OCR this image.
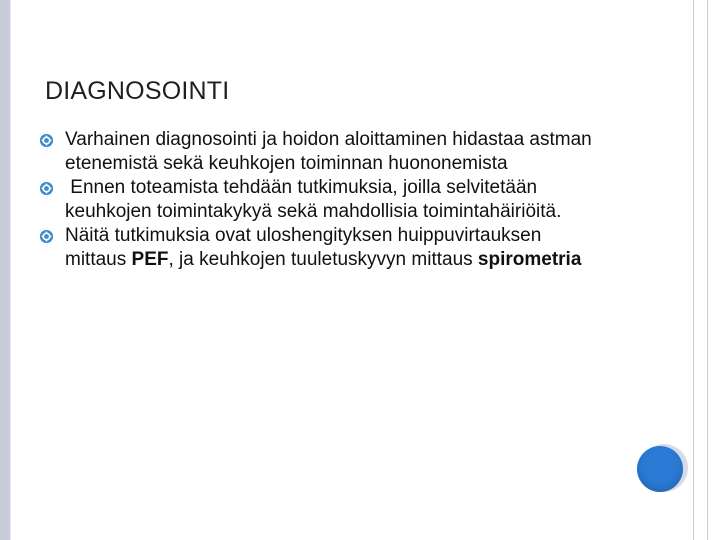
DIAGNOSOINTI
Varhainen diagnosointi ja hoidon aloittaminen hidastaa astman etenemistä sekä keuhkojen toiminnan huononemista
Ennen toteamista tehdään tutkimuksia, joilla selvitetään keuhkojen toimintakykyä sekä mahdollisia toimintahäiriöitä.
Näitä tutkimuksia ovat uloshengityksen huippuvirtauksen mittaus PEF, ja keuhkojen tuuletuskyvyn mittaus spirometria
